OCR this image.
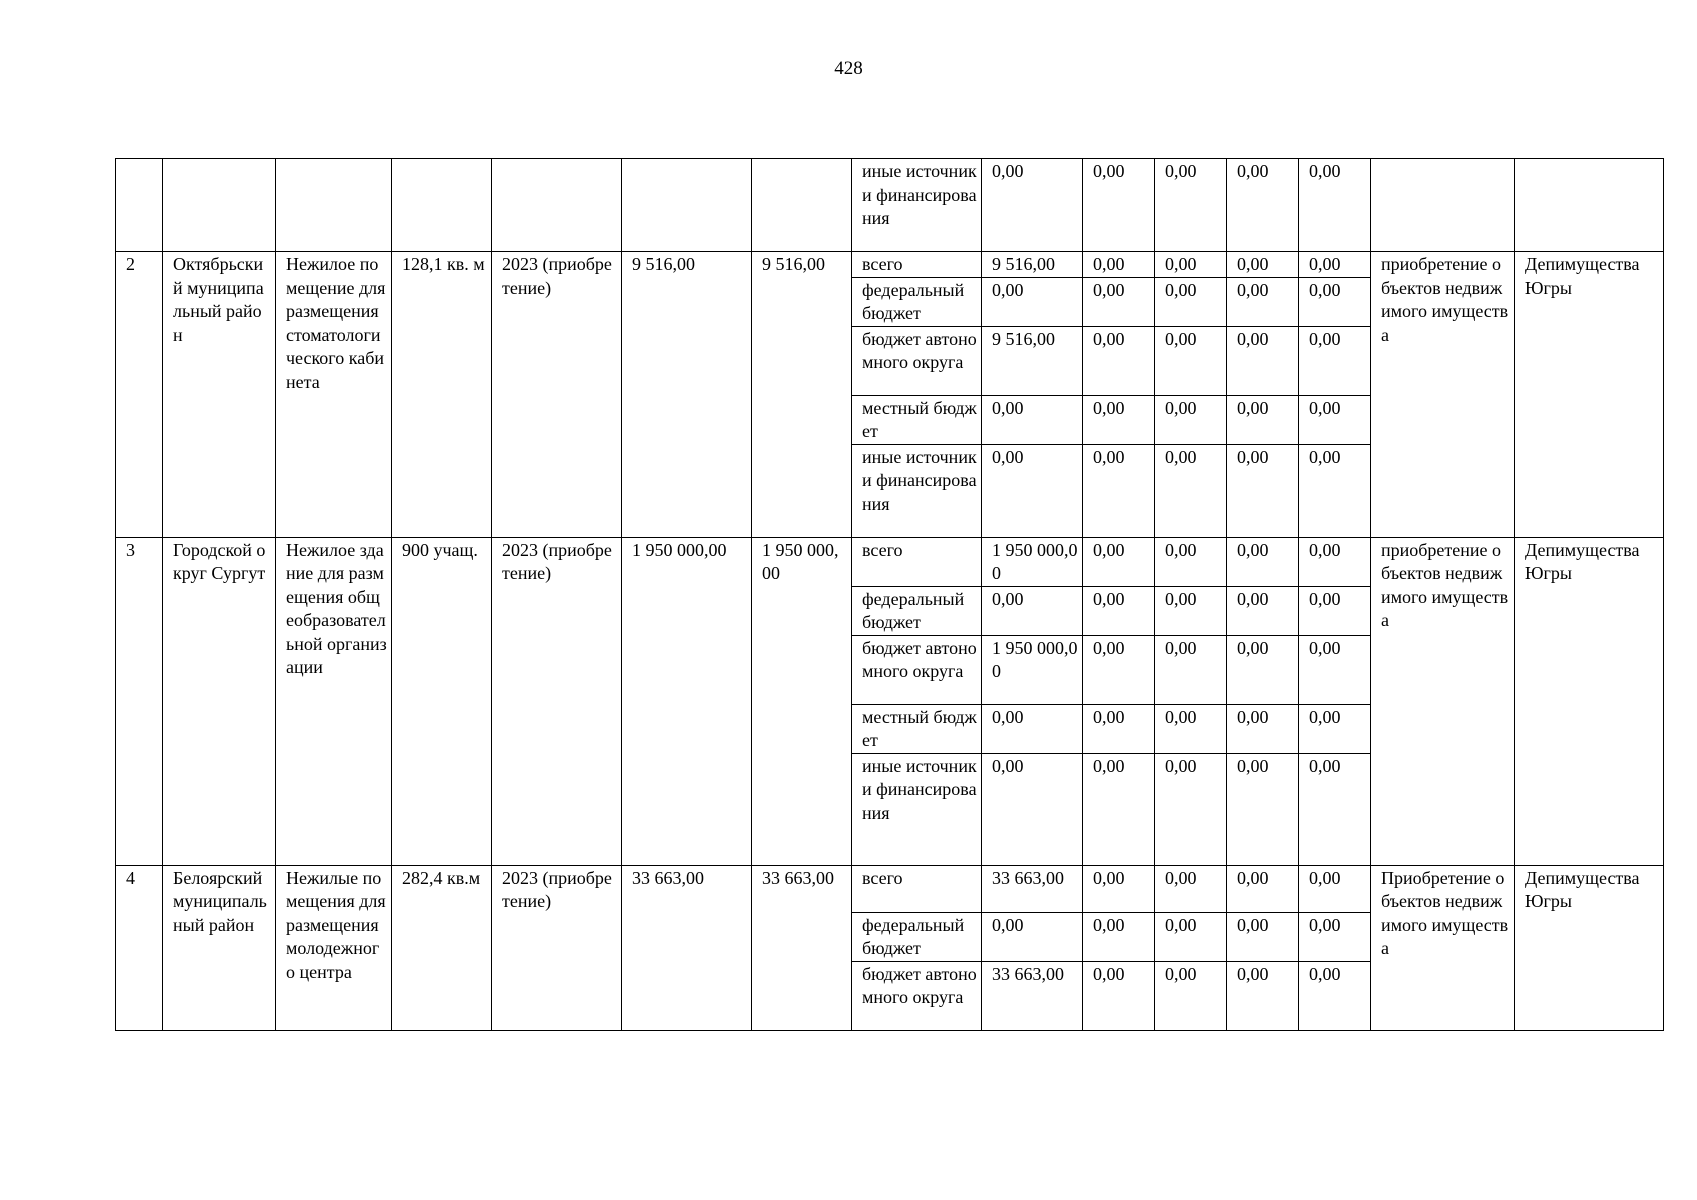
428
							иные источники финансирования	0,00	0,00	0,00	0,00	0,00		
2	Октябрьский муниципальный район	Нежилое помещение для размещения стоматологического кабинета	128,1 кв. м	2023 (приобретение)	9 516,00	9 516,00	всего	9 516,00	0,00	0,00	0,00	0,00	приобретение объектов недвижимого имущества	Депимущества Югры
							федеральный бюджет	0,00	0,00	0,00	0,00	0,00		
							бюджет автономного округа	9 516,00	0,00	0,00	0,00	0,00		
							местный бюджет	0,00	0,00	0,00	0,00	0,00		
							иные источники финансирования	0,00	0,00	0,00	0,00	0,00		
3	Городской округ Сургут	Нежилое здание для размещения общеобразовательной организации	900 учащ.	2023 (приобретение)	1 950 000,00	1 950 000,00	всего	1 950 000,00	0,00	0,00	0,00	0,00	приобретение объектов недвижимого имущества	Депимущества Югры
							федеральный бюджет	0,00	0,00	0,00	0,00	0,00		
							бюджет автономного округа	1 950 000,00	0,00	0,00	0,00	0,00		
							местный бюджет	0,00	0,00	0,00	0,00	0,00		
							иные источники финансирования	0,00	0,00	0,00	0,00	0,00		
4	Белоярский муниципальный район	Нежилые помещения для размещения молодежного центра	282,4 кв.м	2023 (приобретение)	33 663,00	33 663,00	всего	33 663,00	0,00	0,00	0,00	0,00	Приобретение объектов недвижимого имущества	Депимущества Югры
							федеральный бюджет	0,00	0,00	0,00	0,00	0,00		
							бюджет автономного округа	33 663,00	0,00	0,00	0,00	0,00		
